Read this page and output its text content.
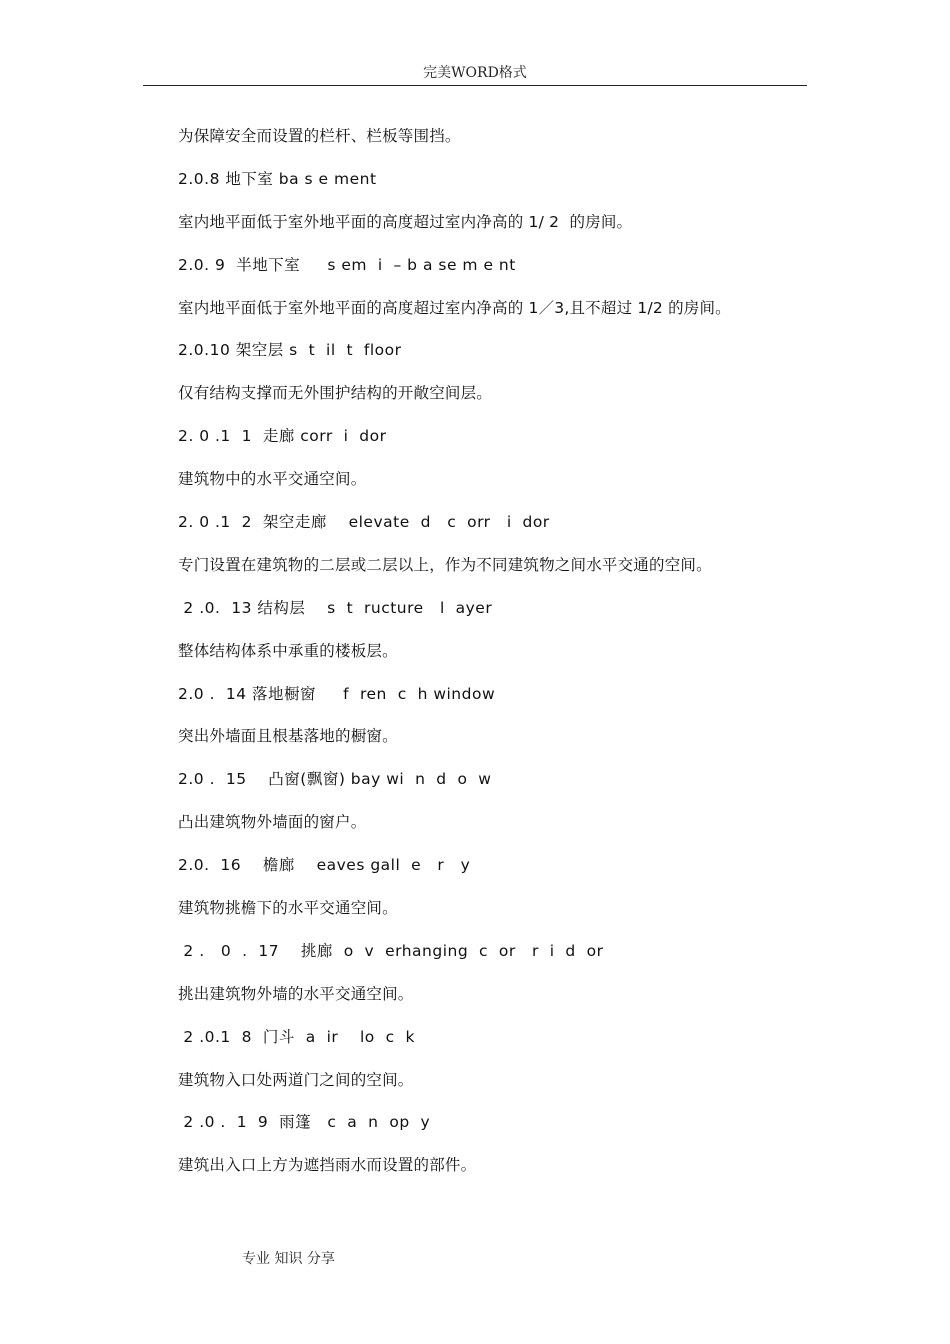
完美WORD格式
为保障安全而设置的栏杆、栏板等围挡。
2.0.8 地下室 ba s e ment
室内地平面低于室外地平面的高度超过室内净高的 1/ 2  的房间。
2.0. 9  半地下室     s em  i  – b a se m e nt
室内地平面低于室外地平面的高度超过室内净高的 1／3,且不超过 1/2 的房间。
2.0.10 架空层 s  t  il  t  floor
仅有结构支撑而无外围护结构的开敞空间层。
2. 0 .1  1  走廊 corr  i  dor
建筑物中的水平交通空间。
2. 0 .1  2  架空走廊    elevate  d   c  orr   i  dor
专门设置在建筑物的二层或二层以上，作为不同建筑物之间水平交通的空间。
2 .0.  13 结构层    s  t  ructure   l  ayer
整体结构体系中承重的楼板层。
2.0 .  14 落地橱窗     f  ren  c  h window
突出外墙面且根基落地的橱窗。
2.0 .  15    凸窗(飘窗) bay wi  n  d  o  w
凸出建筑物外墙面的窗户。
2.0.  16    檐廊    eaves gall  e   r   y
建筑物挑檐下的水平交通空间。
2 .   0  .  17    挑廊  o  v  erhanging  c  or   r  i  d  or
挑出建筑物外墙的水平交通空间。
2 .0.1  8  门斗  a  ir    lo  c  k
建筑物入口处两道门之间的空间。
2 .0 .  1  9  雨篷   c  a  n  op  y
建筑出入口上方为遮挡雨水而设置的部件。
专业 知识 分享
